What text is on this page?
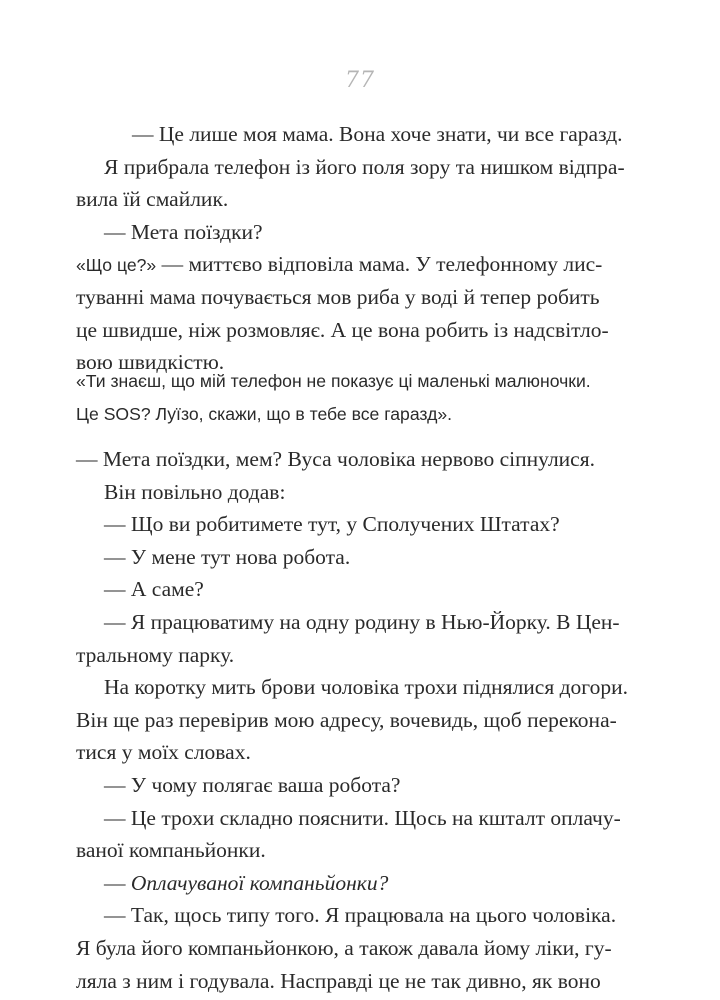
77
— Це лише моя мама. Вона хоче знати, чи все гаразд.
Я прибрала телефон із його поля зору та нишком відпра-
вила їй смайлик.
— Мета поїздки?
«Що це?» — миттєво відповіла мама. У телефонному лис-
туванні мама почувається мов риба у воді й тепер робить
це швидше, ніж розмовляє. А це вона робить із надсвітло-
вою швидкістю.
«Ти знаєш, що мій телефон не показує ці маленькі малюночки.
Це SOS? Луїзо, скажи, що в тебе все гаразд».
— Мета поїздки, мем? Вуса чоловіка нервово сіпнулися.
Він повільно додав:
— Що ви робитимете тут, у Сполучених Штатах?
— У мене тут нова робота.
— А саме?
— Я працюватиму на одну родину в Нью-Йорку. В Цен-
тральному парку.
На коротку мить брови чоловіка трохи піднялися догори.
Він ще раз перевірив мою адресу, вочевидь, щоб переконa-
тися у моїх словах.
— У чому полягає ваша робота?
— Це трохи складно пояснити. Щось на кшталт оплачу-
ваної компаньйонки.
— Оплачуваної компаньйонки?
— Так, щось типу того. Я працювала на цього чоловіка.
Я була його компаньйонкою, а також давала йому ліки, гу-
ляла з ним і годувала. Насправді це не так дивно, як воно
